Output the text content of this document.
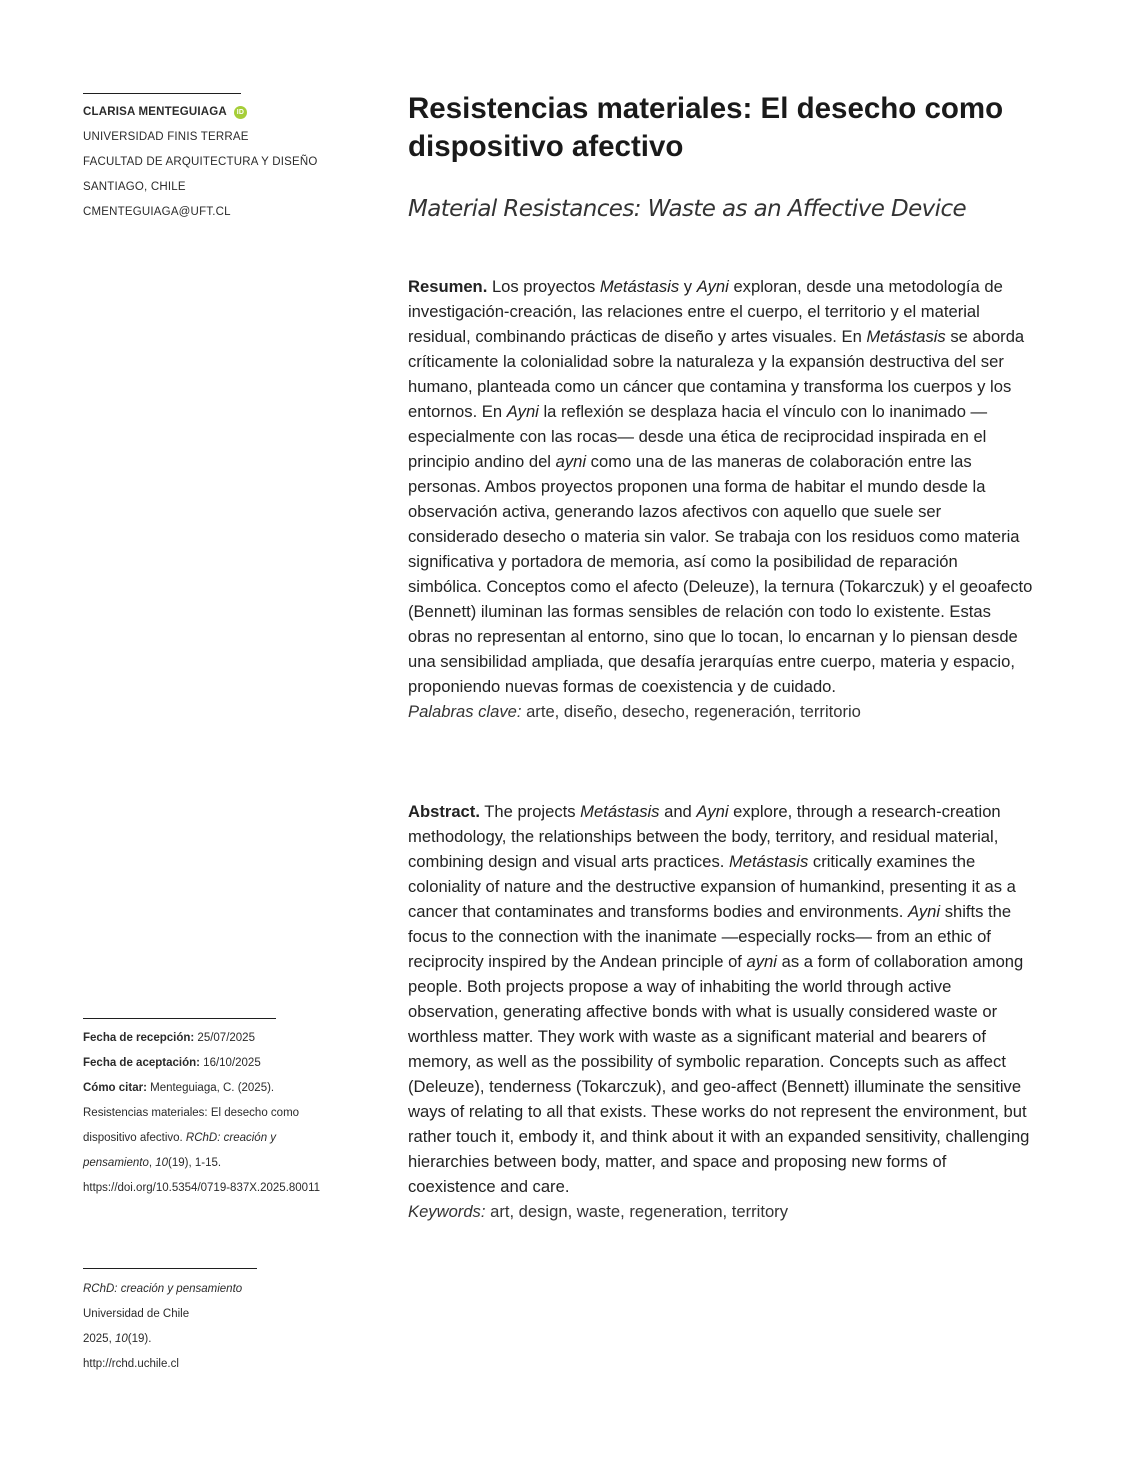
CLARISA MENTEGUIAGA	ID
UNIVERSIDAD FINIS TERRAE
FACULTAD DE ARQUITECTURA Y DISEÑO
SANTIAGO, CHILE
CMENTEGUIAGA@UFT.CL
Resistencias materiales: El desecho como dispositivo afectivo
Material Resistances: Waste as an Affective Device

Resumen. Los proyectos Metástasis y Ayni exploran, desde una metodología de investigación-creación, las relaciones entre el cuerpo, el territorio y el material residual, combinando prácticas de diseño y artes visuales. En Metástasis se aborda críticamente la colonialidad sobre la naturaleza y la expansión destructiva del ser humano, planteada como un cáncer que contamina y transforma los cuerpos y los entornos. En Ayni la reflexión se desplaza hacia el vínculo con lo inanimado —especialmente con las rocas— desde una ética de reciprocidad inspirada en el principio andino del ayni como una de las maneras de colaboración entre las personas. Ambos proyectos proponen una forma de habitar el mundo desde la observación activa, generando lazos afectivos con aquello que suele ser considerado desecho o materia sin valor. Se trabaja con los residuos como materia significativa y portadora de memoria, así como la posibilidad de reparación simbólica. Conceptos como el afecto (Deleuze), la ternura (Tokarczuk) y el geoafecto (Bennett) iluminan las formas sensibles de relación con todo lo existente. Estas obras no representan al entorno, sino que lo tocan, lo encarnan y lo piensan desde una sensibilidad ampliada, que desafía jerarquías entre cuerpo, materia y espacio, proponiendo nuevas formas de coexistencia y de cuidado.

Palabras clave: arte, diseño, desecho, regeneración, territorio

Abstract. The projects Metástasis and Ayni explore, through a research-creation methodology, the relationships between the body, territory, and residual material, combining design and visual arts practices. Metástasis critically examines the coloniality of nature and the destructive expansion of humankind, presenting it as a cancer that contaminates and transforms bodies and environments. Ayni shifts the focus to the connection with the inanimate —especially rocks— from an ethic of reciprocity inspired by the Andean principle of ayni as a form of collaboration among people. Both projects propose a way of inhabiting the world through active observation, generating affective bonds with what is usually considered waste or worthless matter. They work with waste as a significant material and bearers of memory, as well as the possibility of symbolic reparation. Concepts such as affect (Deleuze), tenderness (Tokarczuk), and geo-affect (Bennett) illuminate the sensitive ways of relating to all that exists. These works do not represent the environment, but rather touch it, embody it, and think about it with an expanded sensitivity, challenging hierarchies between body, matter, and space and proposing new forms of coexistence and care.

Keywords: art, design, waste, regeneration, territory

Fecha de recepción: 25/07/2025
Fecha de aceptación: 16/10/2025
Cómo citar: Menteguiaga, C. (2025). Resistencias materiales: El desecho como dispositivo afectivo. RChD: creación y pensamiento, 10(19), 1-15. https://doi.org/10.5354/0719-837X.2025.80011
RChD: creación y pensamiento
Universidad de Chile
2025, 10(19).
http://rchd.uchile.cl
